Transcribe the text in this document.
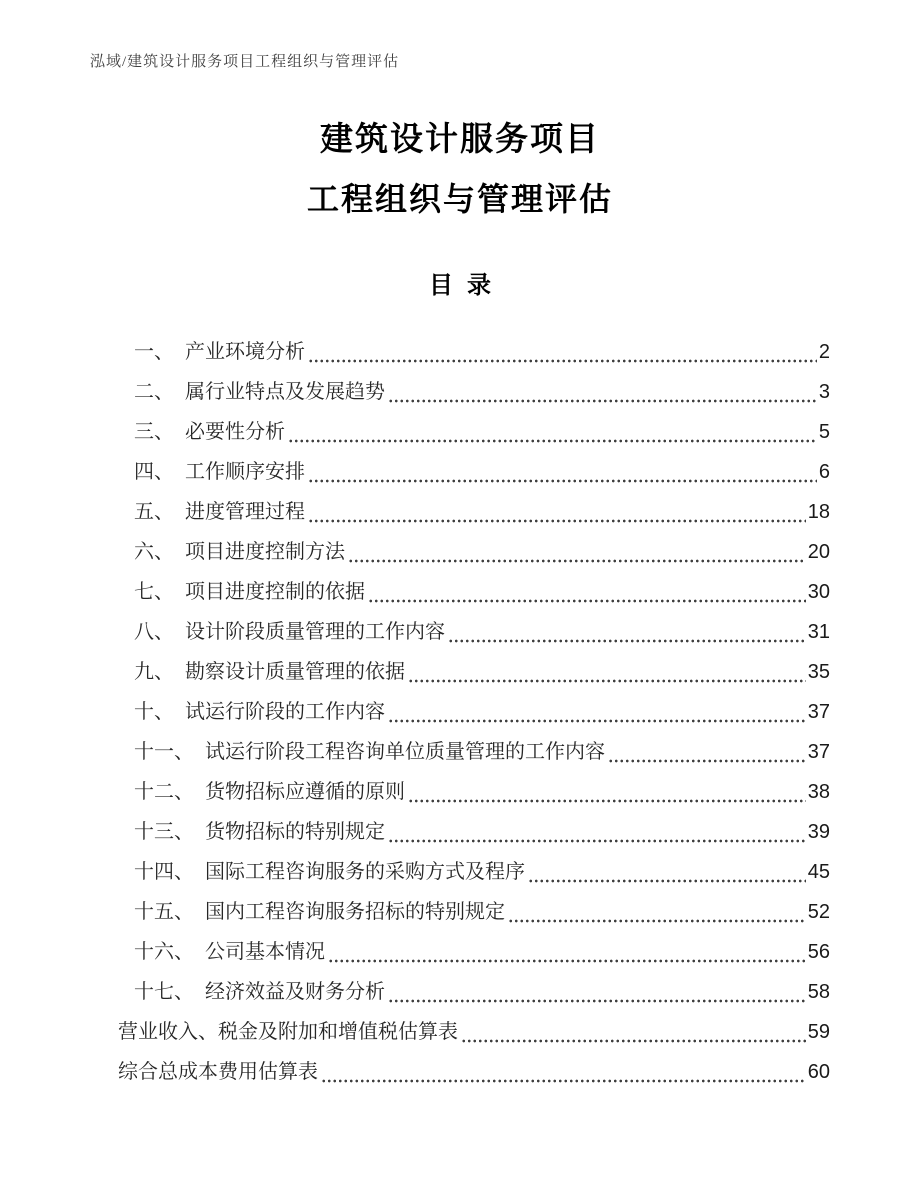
泓域/建筑设计服务项目工程组织与管理评估
建筑设计服务项目
工程组织与管理评估
目录
一、 产业环境分析	2
二、 属行业特点及发展趋势	3
三、 必要性分析	5
四、 工作顺序安排	6
五、 进度管理过程	18
六、 项目进度控制方法	20
七、 项目进度控制的依据	30
八、 设计阶段质量管理的工作内容	31
九、 勘察设计质量管理的依据	35
十、 试运行阶段的工作内容	37
十一、 试运行阶段工程咨询单位质量管理的工作内容	37
十二、 货物招标应遵循的原则	38
十三、 货物招标的特别规定	39
十四、 国际工程咨询服务的采购方式及程序	45
十五、 国内工程咨询服务招标的特别规定	52
十六、 公司基本情况	56
十七、 经济效益及财务分析	58
营业收入、税金及附加和增值税估算表	59
综合总成本费用估算表	60
